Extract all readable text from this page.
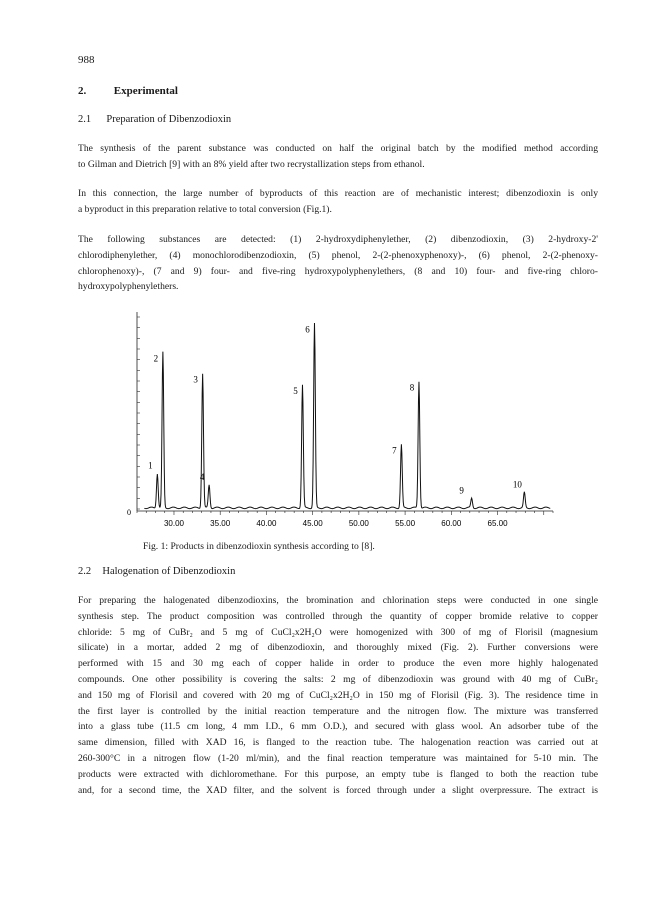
988
2.	Experimental
2.1 Preparation of Dibenzodioxin

The synthesis of the parent substance was conducted on half the original batch by the modified method according
to Gilman and Dietrich [9] with an 8% yield after two recrystallization steps from ethanol.

In this connection, the large number of byproducts of this reaction are of mechanistic interest; dibenzodioxin is only
a byproduct in this preparation relative to total conversion (Fig.1).

The following substances are detected: (1) 2-hydroxydiphenylether, (2) dibenzodioxin, (3) 2-hydroxy-2'
chlorodiphenylether, (4) monochlorodibenzodioxin, (5) phenol, 2-(2-phenoxyphenoxy)-, (6) phenol, 2-(2-phenoxy-
chlorophenoxy)-, (7 and 9) four- and five-ring hydroxypolyphenylethers, (8 and 10) four- and five-ring chloro-
hydroxypolyphenylethers.

0
30.00	35.00	40.00	45.00	50.00	55.00	60.00	65.00
1
2
3
4
5
6
7
8
9
10
Fig. 1: Products in dibenzodioxin synthesis according to [8].
2.2 Halogenation of Dibenzodioxin

For preparing the halogenated dibenzodioxins, the bromination and chlorination steps were conducted in one single
synthesis step. The product composition was controlled through the quantity of copper bromide relative to copper
chloride: 5 mg of CuBr₂ and 5 mg of CuCl₂x2H₂O were homogenized with 300 of mg of Florisil (magnesium
silicate) in a mortar, added 2 mg of dibenzodioxin, and thoroughly mixed (Fig. 2). Further conversions were
performed with 15 and 30 mg each of copper halide in order to produce the even more highly halogenated
compounds. One other possibility is covering the salts: 2 mg of dibenzodioxin was ground with 40 mg of CuBr₂
and 150 mg of Florisil and covered with 20 mg of CuCl₂x2H₂O in 150 mg of Florisil (Fig. 3). The residence time in
the first layer is controlled by the initial reaction temperature and the nitrogen flow. The mixture was transferred
into a glass tube (11.5 cm long, 4 mm I.D., 6 mm O.D.), and secured with glass wool. An adsorber tube of the
same dimension, filled with XAD 16, is flanged to the reaction tube. The halogenation reaction was carried out at
260-300°C in a nitrogen flow (1-20 ml/min), and the final reaction temperature was maintained for 5-10 min. The
products were extracted with dichloromethane. For this purpose, an empty tube is flanged to both the reaction tube
and, for a second time, the XAD filter, and the solvent is forced through under a slight overpressure. The extract is
